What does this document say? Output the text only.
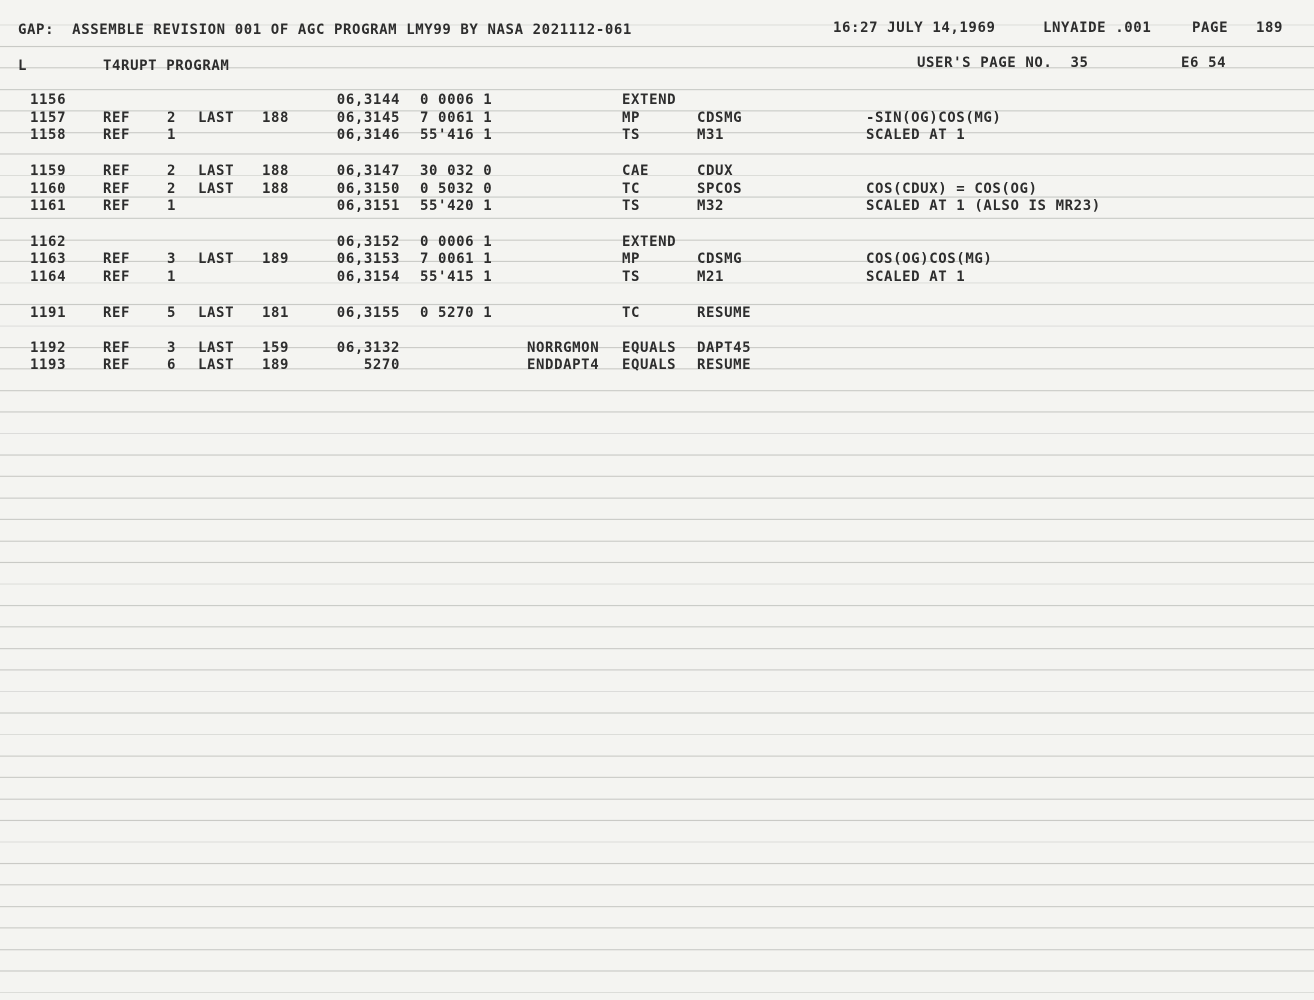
GAP:  ASSEMBLE REVISION 001 OF AGC PROGRAM LMY99 BY NASA 2021112-061	16:27 JULY 14,1969	LNYAIDE .001	PAGE 189
L	T4RUPT PROGRAM	USER'S PAGE NO.  35	E6 54
1156	06,3144 0 0006 1	EXTEND
1157	REF	2 LAST 188	06,3145 7 0061 1	MP	CDSMG	-SIN(OG)COS(MG)
1158	REF	1	06,3146 55'416 1	TS	M31	SCALED AT 1
1159	REF	2 LAST 188	06,3147 30 032 0	CAE	CDUX
1160	REF	2 LAST 188	06,3150 0 5032 0	TC	SPCOS	COS(CDUX) = COS(OG)
1161	REF	1	06,3151 55'420 1	TS	M32	SCALED AT 1 (ALSO IS MR23)
1162	06,3152 0 0006 1	EXTEND
1163	REF	3 LAST 189	06,3153 7 0061 1	MP	CDSMG	COS(OG)COS(MG)
1164	REF	1	06,3154 55'415 1	TS	M21	SCALED AT 1
1191	REF	5 LAST 181	06,3155 0 5270 1	TC	RESUME
1192	REF	3 LAST 159	06,3132	NORRGMON EQUALS DAPT45
1193	REF	6 LAST 189	5270	ENDDAPT4 EQUALS RESUME
